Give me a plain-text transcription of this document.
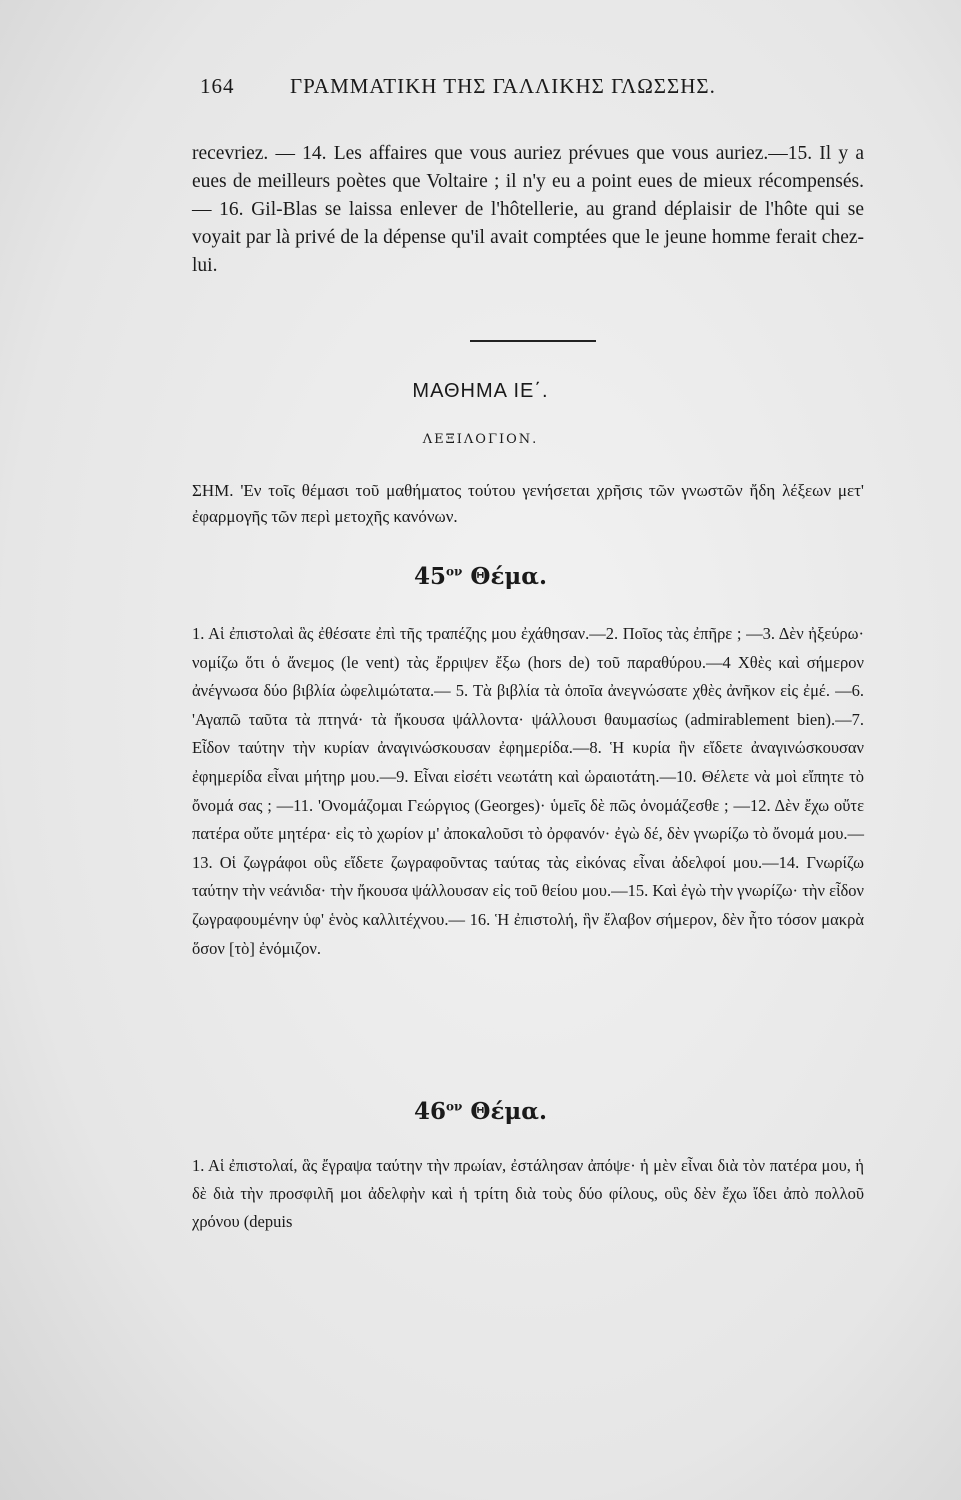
164	ΓΡΑΜΜΑΤΙΚΗ ΤΗΣ ΓΑΛΛΙΚΗΣ ΓΛΩΣΣΗΣ.
recevriez. — 14. Les affaires que vous auriez prévues que vous auriez.—15. Il y a eues de meilleurs poètes que Voltaire ; il n'y eu a point eues de mieux récompensés. — 16. Gil-Blas se laissa enlever de l'hôtellerie, au grand déplaisir de l'hôte qui se voyait par là privé de la dépense qu'il avait comptées que le jeune homme ferait chez-lui.
ΜΑΘΗΜΑ ΙΕ΄.
ΛΕΞΙΛΟΓΙΟΝ.
ΣΗΜ. 'Εν τοῖς θέμασι τοῦ μαθήματος τούτου γενήσεται χρῆσις τῶν γνωστῶν ἤδη λέξεων μετ' ἐφαρμογῆς τῶν περὶ μετοχῆς κανόνων.
$45^{o\nu}$ Θέμα.
1. Αἱ ἐπιστολαὶ ἃς ἐθέσατε ἐπὶ τῆς τραπέζης μου ἐχάθησαν.—2. Ποῖος τὰς ἐπῆρε ; —3. Δὲν ἠξεύρω· νομίζω ὅτι ὁ ἄνεμος (le vent) τὰς ἔρριψεν ἔξω (hors de) τοῦ παραθύρου.—4 Χθὲς καὶ σήμερον ἀνέγνωσα δύο βιβλία ὠφελιμώτατα.— 5. Τὰ βιβλία τὰ ὁποῖα ἀνεγνώσατε χθὲς ἀνῆκον εἰς ἐμέ. —6. 'Αγαπῶ ταῦτα τὰ πτηνά· τὰ ἤκουσα ψάλλοντα· ψάλλουσι θαυμασίως (admirablement bien).—7. Εἶδον ταύτην τὴν κυρίαν ἀναγινώσκουσαν ἐφημερίδα.—8. Ἡ κυρία ἣν εἴδετε ἀναγινώσκουσαν ἐφημερίδα εἶναι μήτηρ μου.—9. Εἶναι εἰσέτι νεωτάτη καὶ ὡραιοτάτη.—10. Θέλετε νὰ μοὶ εἴπητε τὸ ὄνομά σας ; —11. 'Ονομάζομαι Γεώργιος (Georges)· ὑμεῖς δὲ πῶς ὀνομάζεσθε ; —12. Δὲν ἔχω οὔτε πατέρα οὔτε μητέρα· εἰς τὸ χωρίον μ' ἀποκαλοῦσι τὸ ὀρφανόν· ἐγὼ δέ, δὲν γνωρίζω τὸ ὄνομά μου.—13. Οἱ ζωγράφοι οὓς εἴδετε ζωγραφοῦντας ταύτας τὰς εἰκόνας εἶναι ἀδελφοί μου.—14. Γνωρίζω ταύτην τὴν νεάνιδα· τὴν ἤκουσα ψάλλουσαν εἰς τοῦ θείου μου.—15. Καὶ ἐγὼ τὴν γνωρίζω· τὴν εἶδον ζωγραφουμένην ὑφ' ἑνὸς καλλιτέχνου.— 16. Ἡ ἐπιστολή, ἣν ἔλαβον σήμερον, δὲν ἦτο τόσον μακρὰ ὅσον [τὸ] ἐνόμιζον.
$46^{o\nu}$ Θέμα.
1. Αἱ ἐπιστολαί, ἃς ἔγραψα ταύτην τὴν πρωίαν, ἐστάλησαν ἀπόψε· ἡ μὲν εἶναι διὰ τὸν πατέρα μου, ἡ δὲ διὰ τὴν προσφιλῆ μοι ἀδελφὴν καὶ ἡ τρίτη διὰ τοὺς δύο φίλους, οὓς δὲν ἔχω ἴδει ἀπὸ πολλοῦ χρόνου (depuis
